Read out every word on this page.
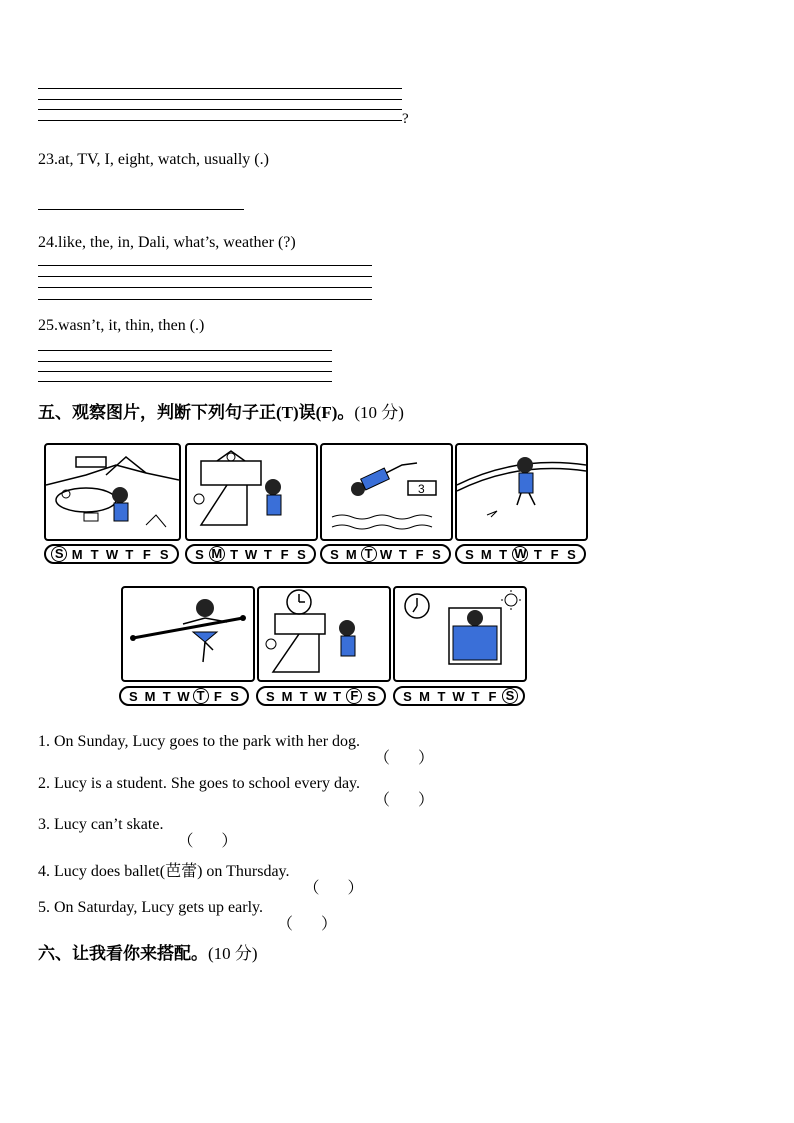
?
23.at, TV, I, eight, watch, usually (.)
24.like, the, in, Dali, what’s, weather (?)
25.wasn’t, it, thin, then (.)
五、观察图片，判断下列句子正(T)误(F)。(10 分)
3
S M T W T F S S M T W T F S S M T W T F S S M T W T F S
S M T W T F S S M T W T F S S M T W T F S
1. On Sunday, Lucy goes to the park with her dog.
（ ）
2. Lucy is a student. She goes to school every day.
（ ）
3. Lucy can’t skate.
（ ）
4. Lucy does ballet(芭蕾) on Thursday.
（ ）
5. On Saturday, Lucy gets up early.
（ ）
六、让我看你来搭配。(10 分)
